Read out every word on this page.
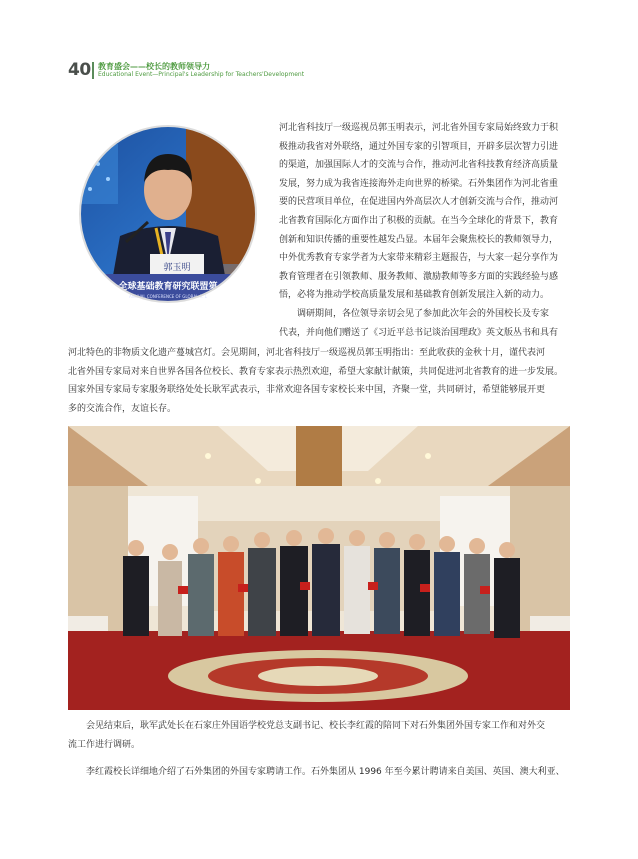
40 教育盛会——校长的教师领导力
Educational Event—Principal's Leadership for Teachers'Development
郭玉明
全球基础教育研究联盟第
ANNUAL CONFERENCE OF GLOBAL R. L

河北省科技厅一级巡视员郭玉明表示，河北省外国专家局始终致力于积
极推动我省对外联络，通过外国专家的引智项目，开辟多层次智力引进
的渠道，加强国际人才的交流与合作，推动河北省科技教育经济高质量
发展，努力成为我省连接海外走向世界的桥梁。石外集团作为河北省重
要的民营项目单位，在促进国内外高层次人才创新交流与合作，推动河
北省教育国际化方面作出了积极的贡献。在当今全球化的背景下，教育
创新和知识传播的重要性越发凸显。本届年会聚焦校长的教师领导力，
中外优秀教育专家学者为大家带来精彩主题报告，与大家一起分享作为
教育管理者在引领教师、服务教师、激励教师等多方面的实践经验与感
悟，必将为推动学校高质量发展和基础教育创新发展注入新的动力。
调研期间，各位领导亲切会见了参加此次年会的外国校长及专家
代表，并向他们赠送了《习近平总书记谈治国理政》英文版丛书和具有

河北特色的非物质文化遗产蔓城宫灯。会见期间，河北省科技厅一级巡视员郭玉明指出：至此收获的金秋十月，谨代表河
北省外国专家局对来自世界各国各位校长、教育专家表示热烈欢迎，希望大家献计献策，共同促进河北省教育的进一步发展。
国家外国专家局专家服务联络处处长耿军武表示，非常欢迎各国专家校长来中国，齐聚一堂，共同研讨，希望能够展开更
多的交流合作，友谊长存。

会见结束后，耿军武处长在石家庄外国语学校党总支副书记、校长李红霞的陪同下对石外集团外国专家工作和对外交
流工作进行调研。

李红霞校长详细地介绍了石外集团的外国专家聘请工作。石外集团从 1996 年至今累计聘请来自美国、英国、澳大利亚、
